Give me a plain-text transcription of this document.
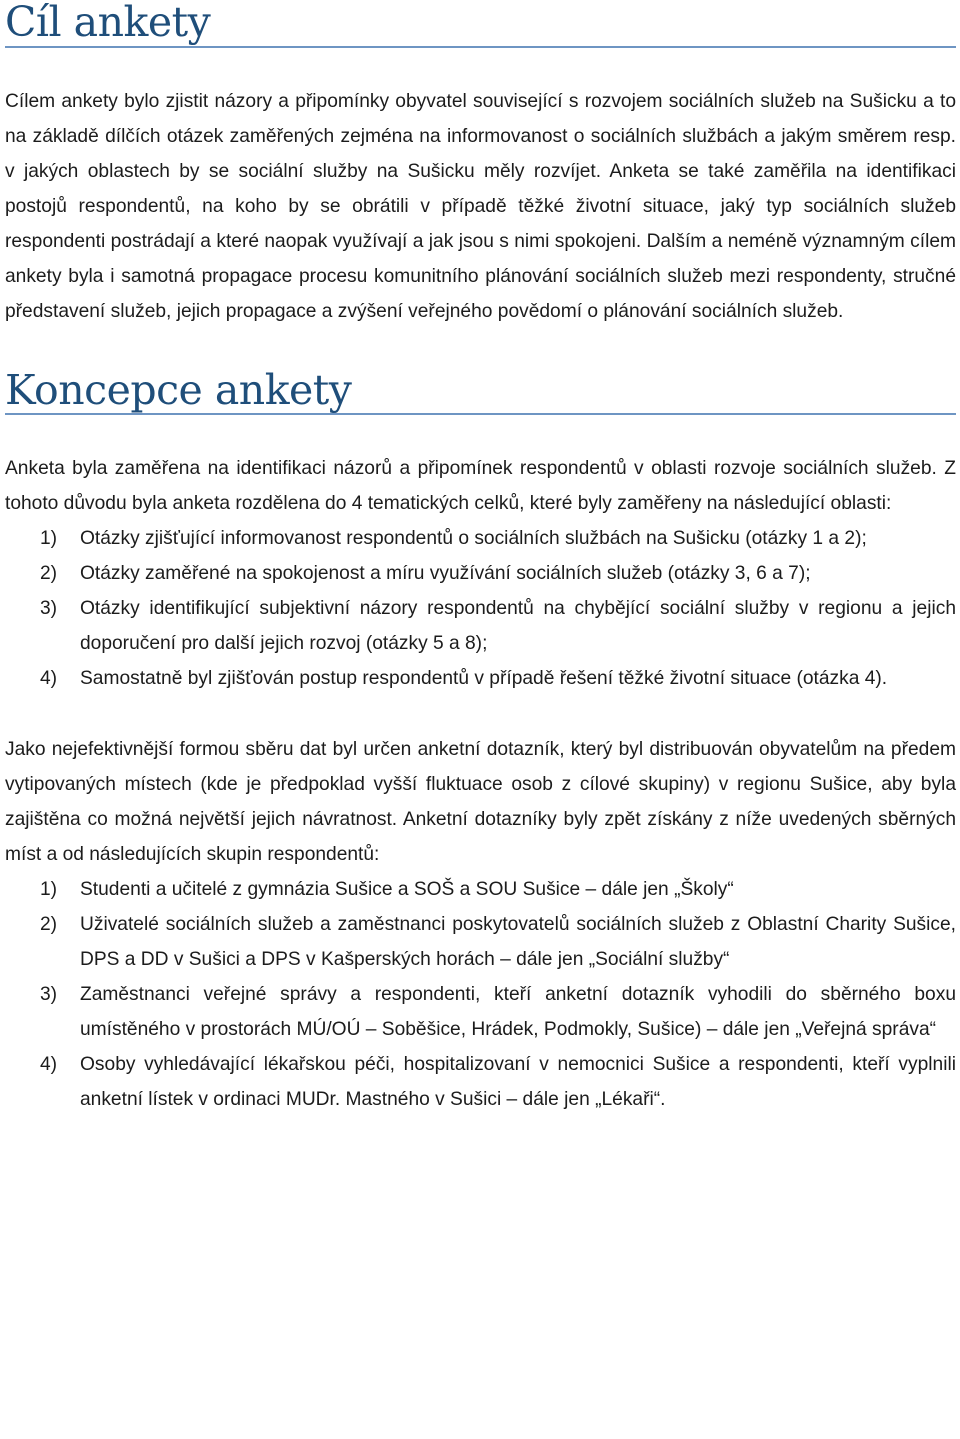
Cíl ankety

Cílem ankety bylo zjistit názory a připomínky obyvatel související s rozvojem sociálních služeb na Sušicku a to na základě dílčích otázek zaměřených zejména na informovanost o sociálních službách a jakým směrem resp. v jakých oblastech by se sociální služby na Sušicku měly rozvíjet. Anketa se také zaměřila na identifikaci postojů respondentů, na koho by se obrátili v případě těžké životní situace, jaký typ sociálních služeb respondenti postrádají a které naopak využívají a jak jsou s nimi spokojeni. Dalším a neméně významným cílem ankety byla i samotná propagace procesu komunitního plánování sociálních služeb mezi respondenty, stručné představení služeb, jejich propagace a zvýšení veřejného povědomí o plánování sociálních služeb.

Koncepce ankety

Anketa byla zaměřena na identifikaci názorů a připomínek respondentů v oblasti rozvoje sociálních služeb. Z tohoto důvodu byla anketa rozdělena do 4 tematických celků, které byly zaměřeny na následující oblasti:

1) Otázky zjišťující informovanost respondentů o sociálních službách na Sušicku (otázky 1 a 2);
2) Otázky zaměřené na spokojenost a míru využívání sociálních služeb (otázky 3, 6 a 7);
3) Otázky identifikující subjektivní názory respondentů na chybějící sociální služby v regionu a jejich doporučení pro další jejich rozvoj (otázky 5 a 8);
4) Samostatně byl zjišťován postup respondentů v případě řešení těžké životní situace (otázka 4).

Jako nejefektivnější formou sběru dat byl určen anketní dotazník, který byl distribuován obyvatelům na předem vytipovaných místech (kde je předpoklad vyšší fluktuace osob z cílové skupiny) v regionu Sušice, aby byla zajištěna co možná největší jejich návratnost. Anketní dotazníky byly zpět získány z níže uvedených sběrných míst a od následujících skupin respondentů:

1) Studenti a učitelé z gymnázia Sušice a SOŠ a SOU Sušice – dále jen „Školy“
2) Uživatelé sociálních služeb a zaměstnanci poskytovatelů sociálních služeb z Oblastní Charity Sušice, DPS a DD v Sušici a DPS v Kašperských horách – dále jen „Sociální služby“
3) Zaměstnanci veřejné správy a respondenti, kteří anketní dotazník vyhodili do sběrného boxu umístěného v prostorách MÚ/OÚ – Soběšice, Hrádek, Podmokly, Sušice) – dále jen „Veřejná správa“
4) Osoby vyhledávající lékařskou péči, hospitalizovaní v nemocnici Sušice a respondenti, kteří vyplnili anketní lístek v ordinaci MUDr. Mastného v Sušici – dále jen „Lékaři“.
